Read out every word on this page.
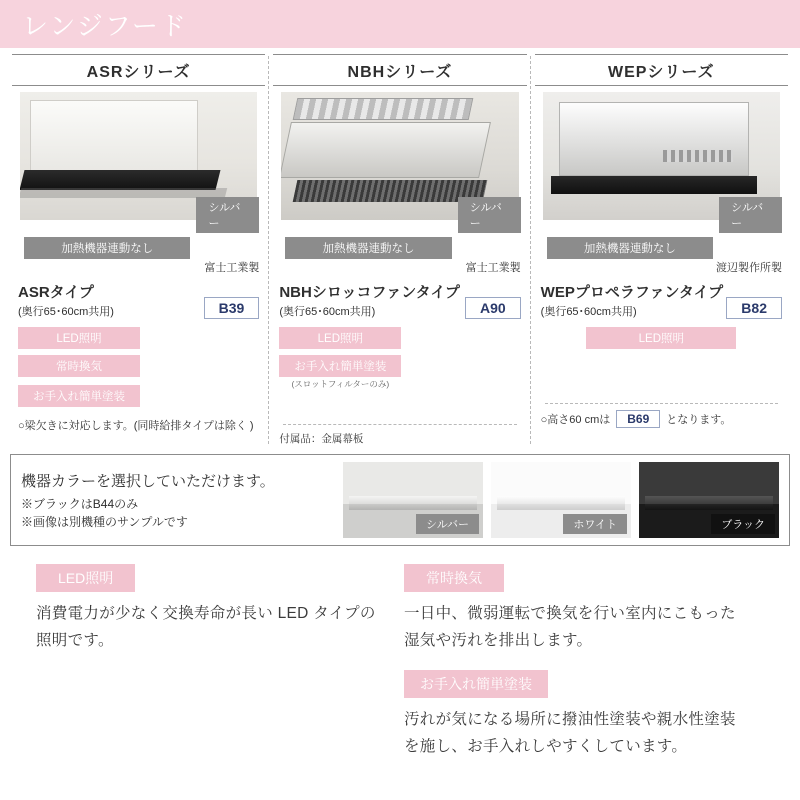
レンジフード
ASRシリーズ
加熱機器連動なし
シルバー
富士工業製
ASRタイプ
(奥行65･60cm共用)	B39
LED照明
常時換気
お手入れ簡単塗装
○梁欠きに対応します。(同時給排タイプは除く )
NBHシリーズ
加熱機器連動なし
シルバー
富士工業製
NBHシロッコファンタイプ
(奥行65･60cm共用)	A90
LED照明
お手入れ簡単塗装
(スロットフィルターのみ)
付属品：金属幕板
WEPシリーズ
加熱機器連動なし
シルバー
渡辺製作所製
WEPプロペラファンタイプ
(奥行65･60cm共用)	B82
LED照明
○高さ60 cmは	B69	となります。
機器カラーを選択していただけます。
※ブラックはB44のみ
※画像は別機種のサンプルです	シルバー	ホワイト	ブラック
LED照明
消費電力が少なく交換寿命が長い LED タイプの照明です。
常時換気
一日中、微弱運転で換気を行い室内にこもった湿気や汚れを排出します。
お手入れ簡単塗装
汚れが気になる場所に撥油性塗装や親水性塗装を施し、お手入れしやすくしています。
